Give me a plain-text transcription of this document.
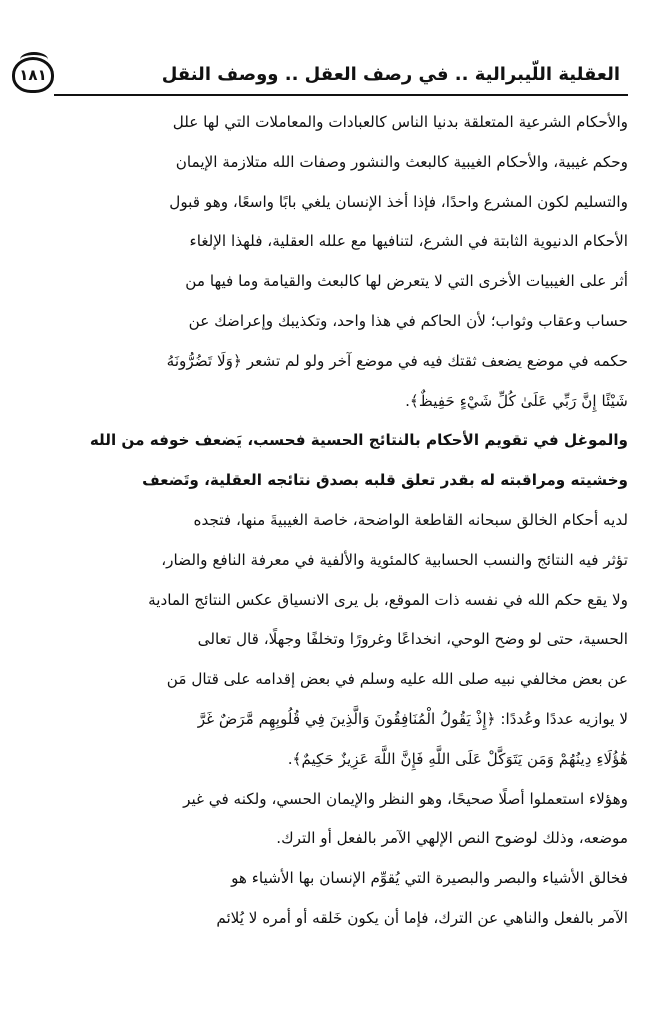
١٨١	العقلية اللّيبرالية .. في رصف العقل .. ووصف النقل
والأحكام الشرعية المتعلقة بدنيا الناس كالعبادات والمعاملات التي لها علل
وحكم غيبية، والأحكام الغيبية كالبعث والنشور وصفات الله متلازمة الإيمان
والتسليم لكون المشرع واحدًا، فإذا أخذ الإنسان يلغي بابًا واسعًا، وهو قبول
الأحكام الدنيوية الثابتة في الشرع، لتنافيها مع علله العقلية، فلهذا الإلغاء
أثر على الغيبيات الأخرى التي لا يتعرض لها كالبعث والقيامة وما فيها من
حساب وعقاب وثواب؛ لأن الحاكم في هذا واحد، وتكذيبك وإعراضك عن
حكمه في موضع يضعف ثقتك فيه في موضع آخر ولو لم تشعر ﴿وَلَا تَضُرُّونَهُ
شَيْئًا إِنَّ رَبِّي عَلَىٰ كُلِّ شَيْءٍ حَفِيظٌ﴾.
والموغل في تقويم الأحكام بالنتائج الحسية فحسب، يَضعف خوفه من الله
وخشيته ومراقبته له بقدر تعلق قلبه بصدق نتائجه العقلية، وتَضعف
لديه أحكام الخالق سبحانه القاطعة الواضحة، خاصة الغيبيةَ منها، فتجده
تؤثر فيه النتائج والنسب الحسابية كالمئوية والألفية في معرفة النافع والضار،
ولا يقع حكم الله في نفسه ذات الموقع، بل يرى الانسياق عكس النتائج المادية
الحسية، حتى لو وضح الوحي، انخداعًا وغرورًا وتخلفًا وجهلًا، قال تعالى
عن بعض مخالفي نبيه صلى الله عليه وسلم في بعض إقدامه على قتال مَن
لا يوازيه عددًا وعُددًا: ﴿إِذْ يَقُولُ الْمُنَافِقُونَ وَالَّذِينَ فِي قُلُوبِهِم مَّرَضٌ غَرَّ
هَٰؤُلَاءِ دِينُهُمْ وَمَن يَتَوَكَّلْ عَلَى اللَّهِ فَإِنَّ اللَّهَ عَزِيزٌ حَكِيمٌ﴾.
وهؤلاء استعملوا أصلًا صحيحًا، وهو النظر والإيمان الحسي، ولكنه في غير
موضعه، وذلك لوضوح النص الإلهي الآمر بالفعل أو الترك.
فخالق الأشياء والبصر والبصيرة التي يُقوِّم الإنسان بها الأشياء هو
الآمر بالفعل والناهي عن الترك، فإما أن يكون خَلقه أو أمره لا يُلائم
